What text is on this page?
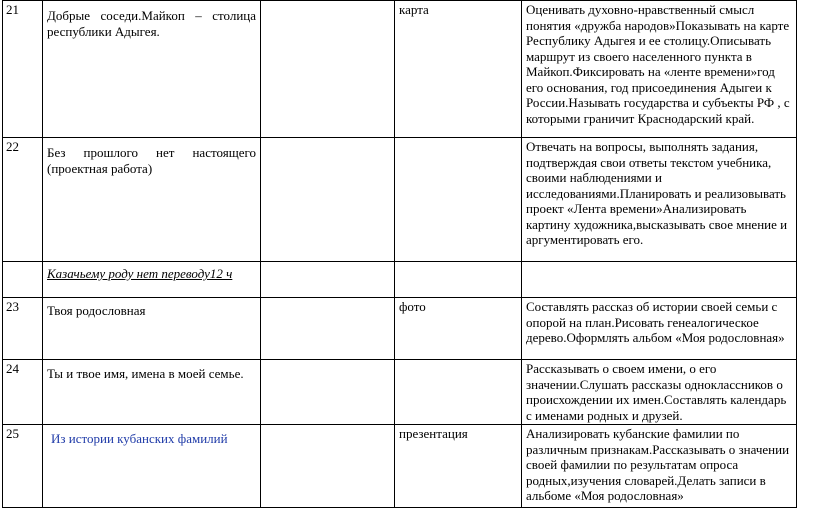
21	Добрые соседи.Майкоп – столица республики Адыгея.		карта	Оценивать духовно-нравственный смысл понятия «дружба народов»Показывать на карте Республику Адыгея и ее столицу.Описывать маршрут из своего населенного пункта в Майкоп.Фиксировать на «ленте времени»год его основания, год присоединения Адыгеи к России.Называть государства и субъекты РФ , с которыми граничит Краснодарский край.
22	Без прошлого нет настоящего (проектная работа)			Отвечать на вопросы, выполнять задания, подтверждая свои ответы текстом учебника, своими наблюдениями и исследованиями.Планировать и реализовывать проект «Лента времени»Анализировать картину художника,высказывать свое мнение и аргументировать его.
	Казачьему роду нет переводу12 ч			
23	Твоя родословная		фото	Составлять рассказ об истории своей семьи с опорой на план.Рисовать генеалогическое дерево.Оформлять альбом «Моя родословная»
24	Ты и твое имя, имена в моей семье.			Рассказывать о своем имени, о его значении.Слушать рассказы одноклассников о происхождении их имен.Составлять календарь с именами родных и друзей.
25	Из истории кубанских фамилий		презентация	Анализировать кубанские фамилии по различным признакам.Рассказывать о значении своей фамилии по результатам опроса родных,изучения словарей.Делать записи в альбоме «Моя родословная»
